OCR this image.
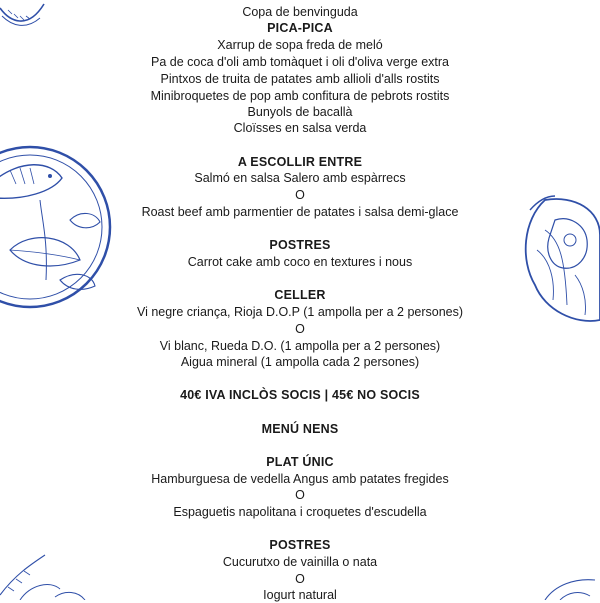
Copa de benvinguda
PICA-PICA
Xarrup de sopa freda de meló
Pa de coca d'oli amb tomàquet i oli d'oliva verge extra
Pintxos de truita de patates amb allioli d'alls rostits
Minibroquetes de pop amb confitura de pebrots rostits
Bunyols de bacallà
Cloïsses en salsa verda
A ESCOLLIR ENTRE
Salmó en salsa Salero amb espàrrecs
O
Roast beef amb parmentier de patates i salsa demi-glace
POSTRES
Carrot cake amb coco en textures i nous
CELLER
Vi negre criança, Rioja D.O.P (1 ampolla per a 2 persones)
O
Vi blanc, Rueda D.O. (1 ampolla per a 2 persones)
Aigua mineral (1 ampolla cada 2 persones)
40€ IVA INCLÒS SOCIS | 45€ NO SOCIS
MENÚ NENS
PLAT ÚNIC
Hamburguesa de vedella Angus amb patates fregides
O
Espaguetis napolitana i croquetes d'escudella
POSTRES
Cucurutxo de vainilla o nata
O
Iogurt natural
